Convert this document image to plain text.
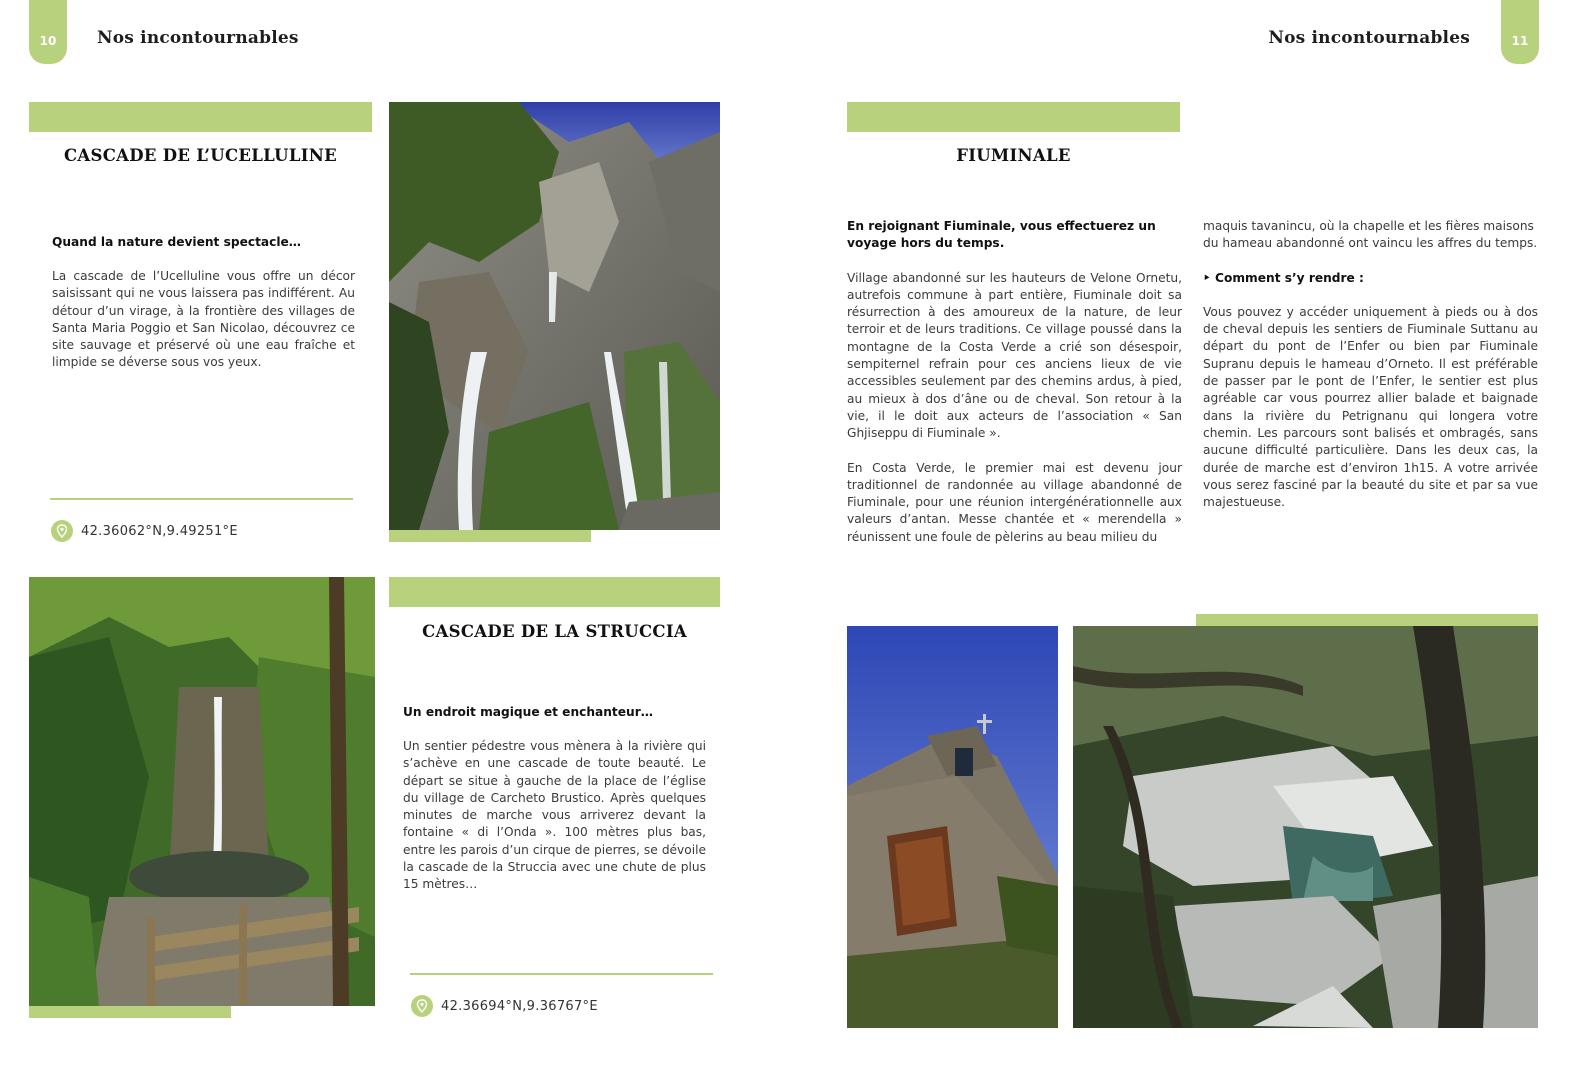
10 Nos incontournables
CASCADE DE L’UCELLULINE
Quand la nature devient spectacle…
La cascade de l’Ucelluline vous offre un décor saisissant qui ne vous laissera pas indifférent. Au détour d’un virage, à la frontière des villages de Santa Maria Poggio et San Nicolao, découvrez ce site sauvage et préservé où une eau fraîche et limpide se déverse sous vos yeux.
42.36062°N,9.49251°E
CASCADE DE LA STRUCCIA
Un endroit magique et enchanteur…
Un sentier pédestre vous mènera à la rivière qui s’achève en une cascade de toute beauté. Le départ se situe à gauche de la place de l’église du village de Carcheto Brustico. Après quelques minutes de marche vous arriverez devant la fontaine « di l’Onda ». 100 mètres plus bas, entre les parois d’un cirque de pierres, se dévoile la cascade de la Struccia avec une chute de plus 15 mètres…
42.36694°N,9.36767°E
Nos incontournables	11
FIUMINALE

En rejoignant Fiuminale, vous effectuerez un voyage hors du temps.

Village abandonné sur les hauteurs de Velone Ornetu, autrefois commune à part entière, Fiuminale doit sa résurrection à des amoureux de la nature, de leur terroir et de leurs traditions. Ce village poussé dans la montagne de la Costa Verde a crié son désespoir, sempiternel refrain pour ces anciens lieux de vie accessibles seulement par des chemins ardus, à pied, au mieux à dos d’âne ou de cheval. Son retour à la vie, il le doit aux acteurs de l’association « San Ghjiseppu di Fiuminale ».

En Costa Verde, le premier mai est devenu jour traditionnel de randonnée au village abandonné de Fiuminale, pour une réunion intergénérationnelle aux valeurs d’antan. Messe chantée et « merendella » réunissent une foule de pèlerins au beau milieu du

maquis tavanincu, où la chapelle et les fières maisons du hameau abandonné ont vaincu les affres du temps.

‣ Comment s’y rendre :

Vous pouvez y accéder uniquement à pieds ou à dos de cheval depuis les sentiers de Fiuminale Suttanu au départ du pont de l’Enfer ou bien par Fiuminale Supranu depuis le hameau d’Orneto. Il est préférable de passer par le pont de l’Enfer, le sentier est plus agréable car vous pourrez allier balade et baignade dans la rivière du Petrignanu qui longera votre chemin. Les parcours sont balisés et ombragés, sans aucune difficulté particulière. Dans les deux cas, la durée de marche est d’environ 1h15. A votre arrivée vous serez fasciné par la beauté du site et par sa vue majestueuse.
